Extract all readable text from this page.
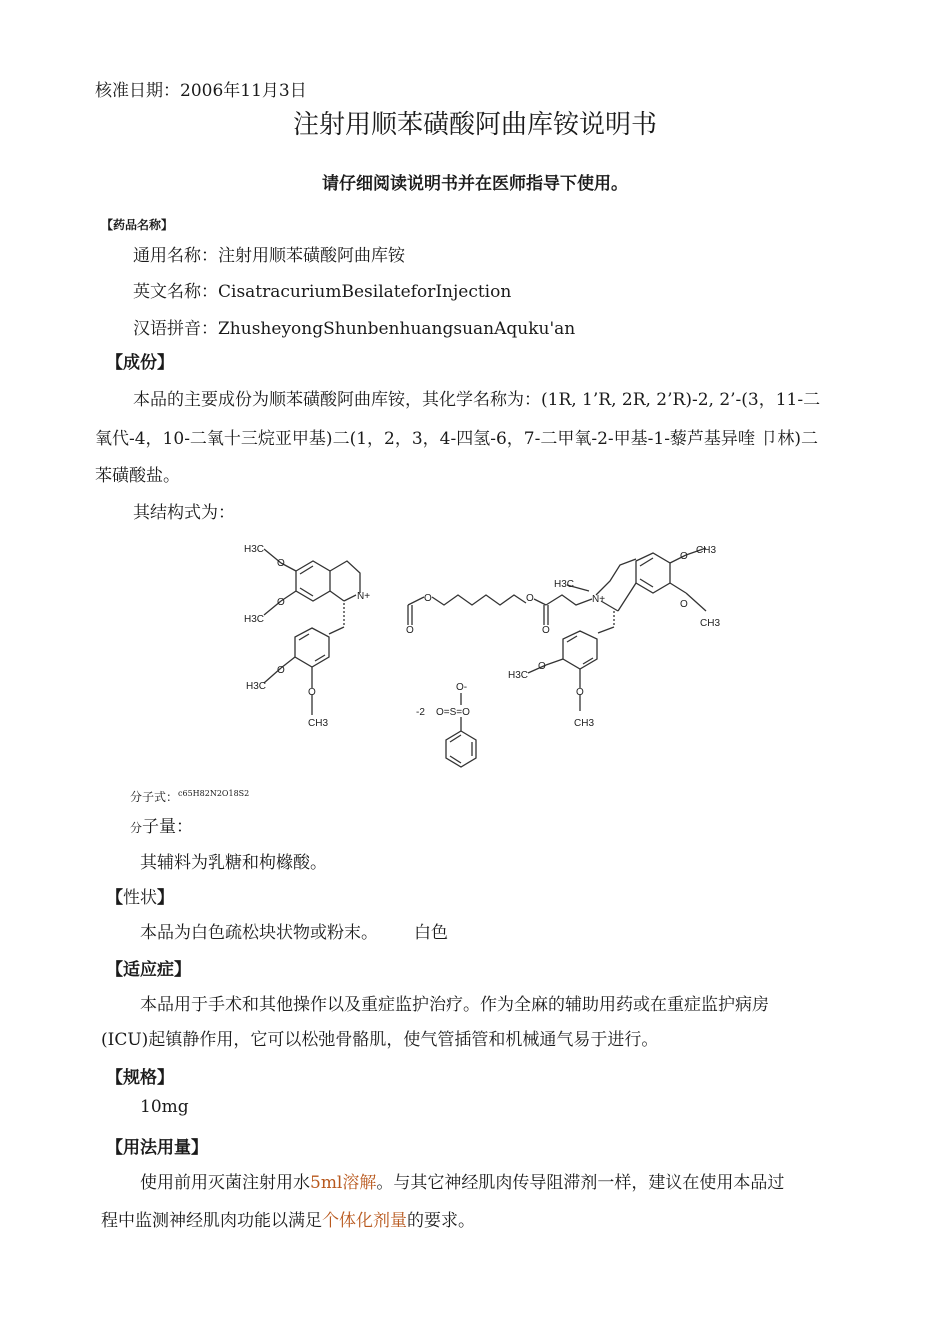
核准日期：2006年11月3日
注射用顺苯磺酸阿曲库铵说明书
请仔细阅读说明书并在医师指导下使用。
【药品名称】
通用名称：注射用顺苯磺酸阿曲库铵
英文名称：CisatracuriumBesilateforInjection
汉语拼音：ZhusheyongShunbenhuangsuanAquku'an
【成份】
本品的主要成份为顺苯磺酸阿曲库铵，其化学名称为：(1R, 1’R, 2R, 2’R)-2, 2’-(3，11-二
氧代-4，10-二氧十三烷亚甲基)二(1，2，3，4-四氢-6，7-二甲氧-2-甲基-1-藜芦基异喹 卩林)二
苯磺酸盐。
其结构式为：
H3C
O
N+
O
H3C
O
H3C
O
CH3
O
O	O
O
CH3
O
H3C
N+	O
CH3
O
H3C
O
CH3
O-
O=S=O
-2
分子式：$^{c65H82N2O18S2}$
分子量：
其辅料为乳糖和枸橼酸。
【性状】
本品为白色疏松块状物或粉末。 白色
【适应症】
本品用于手术和其他操作以及重症监护治疗。作为全麻的辅助用药或在重症监护病房
(ICU)起镇静作用，它可以松弛骨骼肌，使气管插管和机械通气易于进行。
【规格】
10mg
【用法用量】
使用前用灭菌注射用水5ml溶解。与其它神经肌肉传导阻滞剂一样，建议在使用本品过
程中监测神经肌肉功能以满足个体化剂量的要求。
